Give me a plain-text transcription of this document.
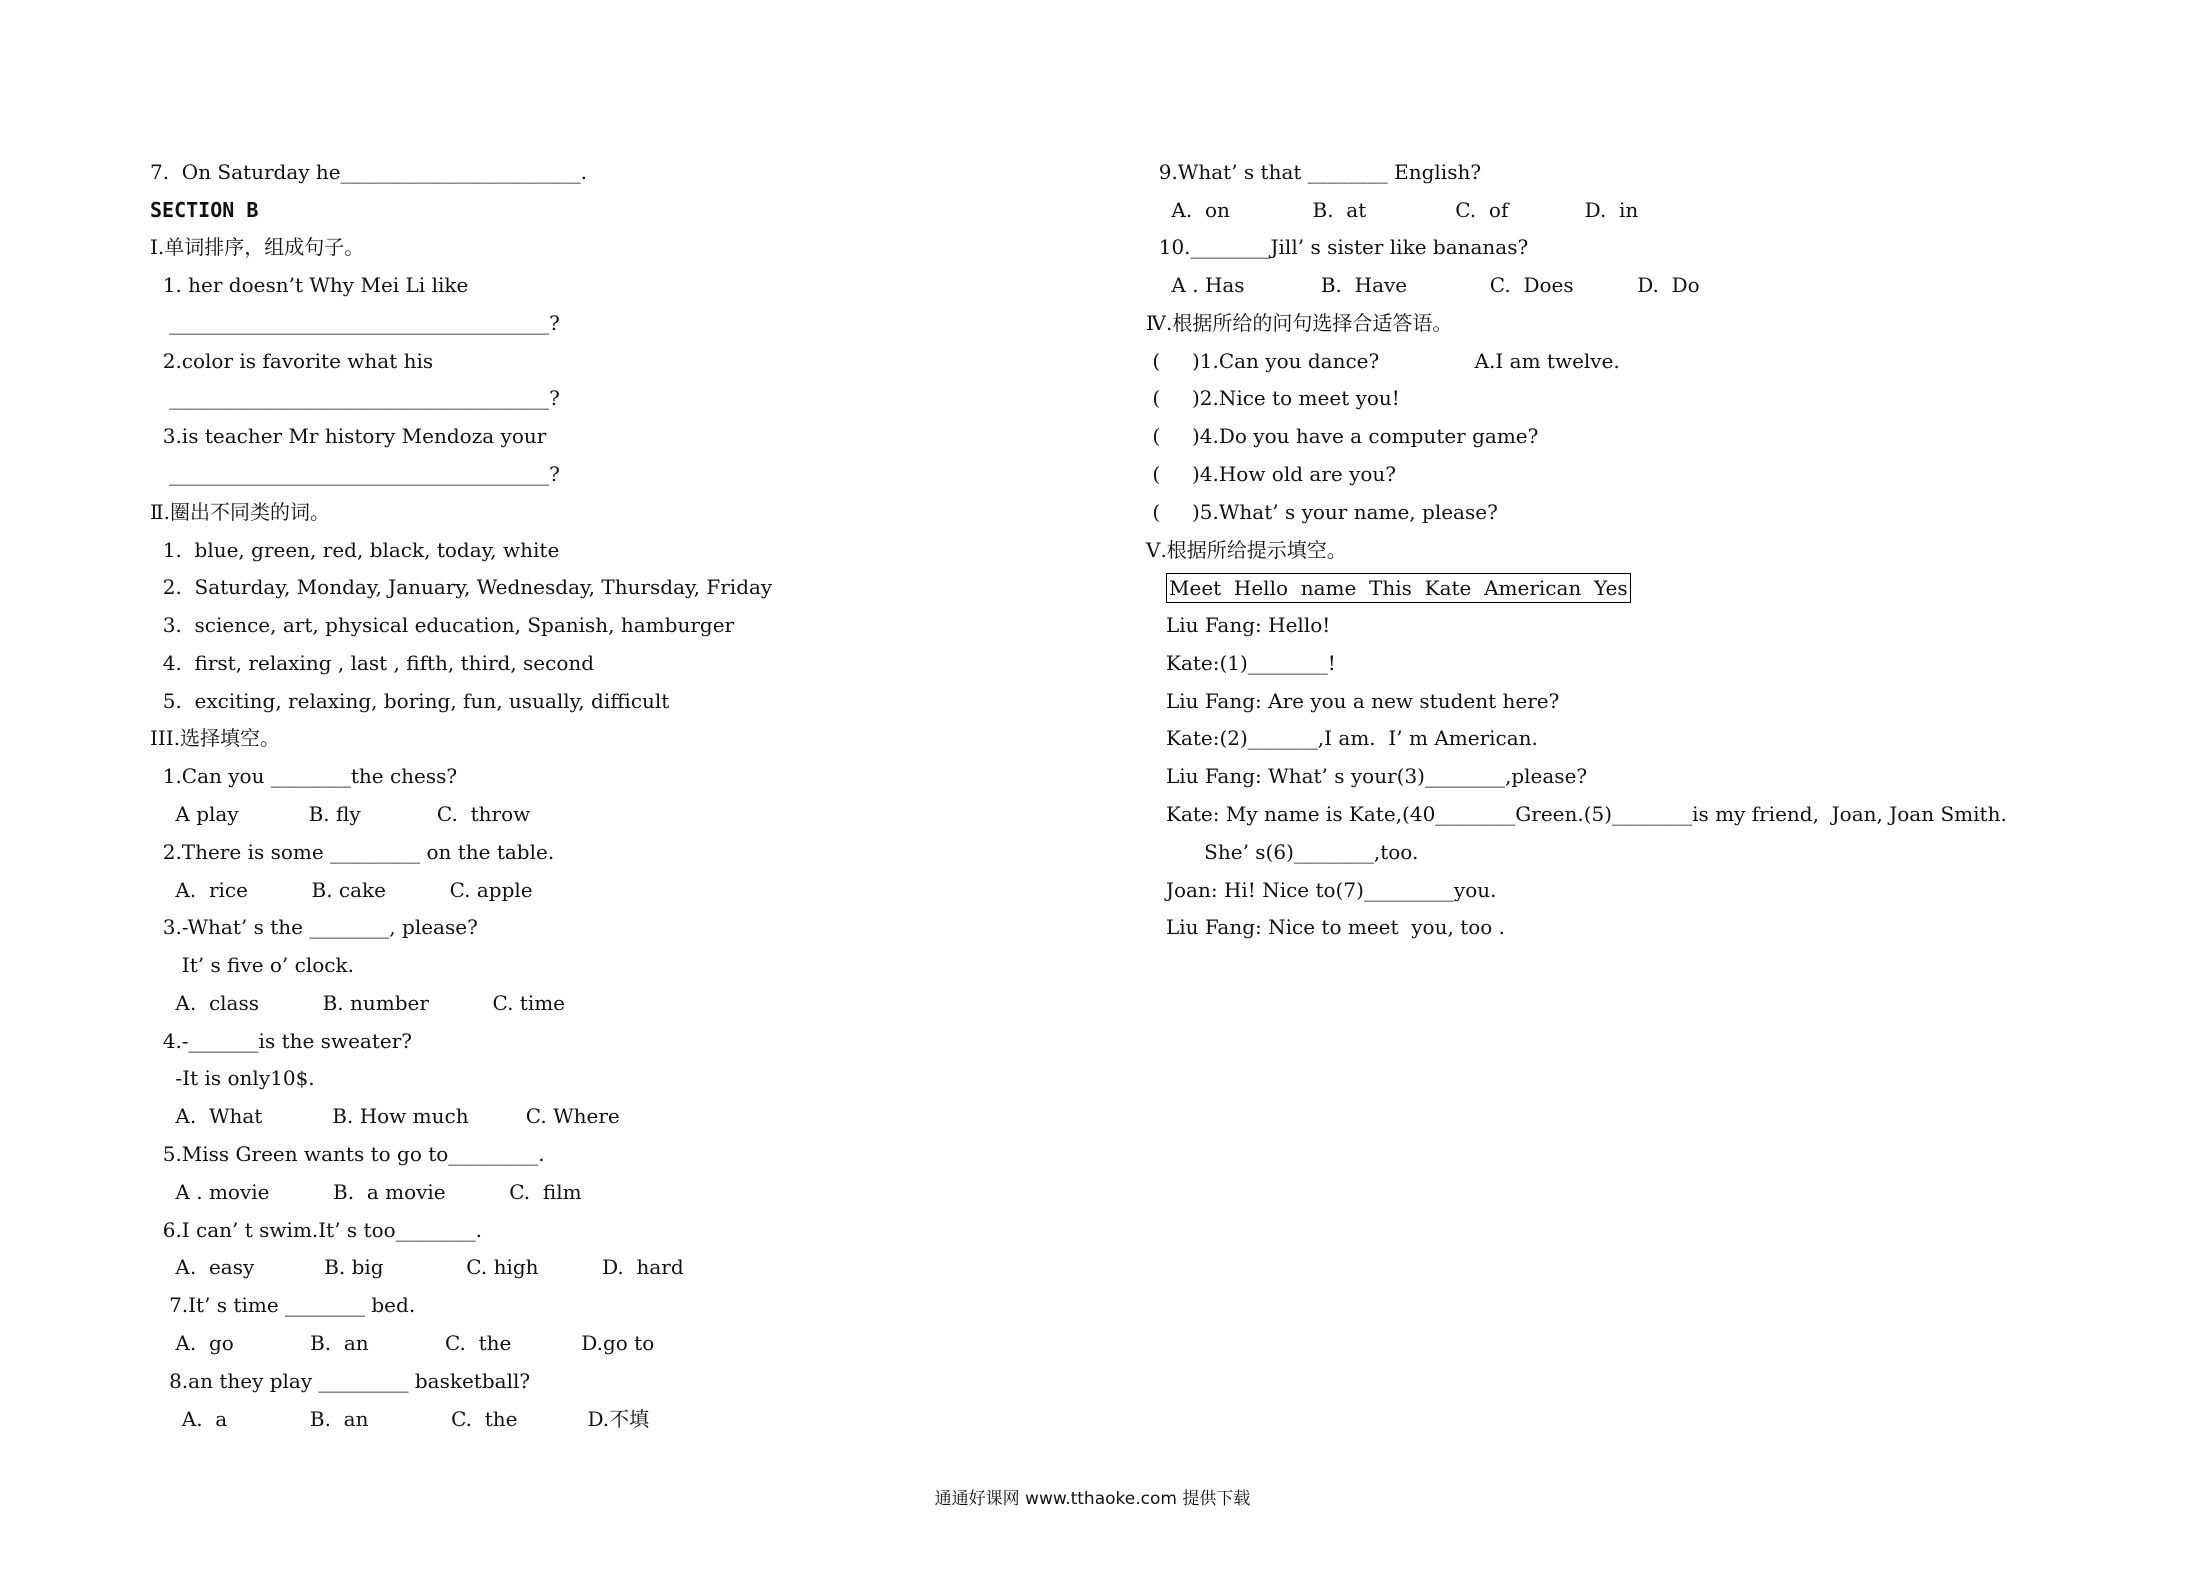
7.  On Saturday he________________________.
SECTION B
Ⅰ.单词排序，组成句子。
1. her doesn’t Why Mei Li like
______________________________________?
2.color is favorite what his
______________________________________?
3.is teacher Mr history Mendoza your
______________________________________?
Ⅱ.圈出不同类的词。
1.  blue, green, red, black, today, white
2.  Saturday, Monday, January, Wednesday, Thursday, Friday
3.  science, art, physical education, Spanish, hamburger
4.  first, relaxing , last , fifth, third, second
5.  exciting, relaxing, boring, fun, usually, difficult
III.选择填空。
1.Can you ________the chess?
A play           B. fly            C.  throw
2.There is some _________ on the table.
A.  rice          B. cake          C. apple
3.-What’ s the ________, please?
It’ s five o’ clock.
A.  class          B. number          C. time
4.-_______is the sweater?
-It is only10$.
A.  What           B. How much         C. Where
5.Miss Green wants to go to_________.
A . movie          B.  a movie          C.  film
6.I can’ t swim.It’ s too________.
A.  easy           B. big             C. high          D.  hard
7.It’ s time ________ bed.
A.  go            B.  an            C.  the           D.go to
8.an they play _________ basketball?
A.  a             B.  an             C.  the           D.不填
9.What’ s that ________ English?
A.  on             B.  at              C.  of            D.  in
10.________Jill’ s sister like bananas?
A . Has            B.  Have             C.  Does          D.  Do
Ⅳ.根据所给的问句选择合适答语。
(     )1.Can you dance?               A.I am twelve.
(     )2.Nice to meet you!
(     )4.Do you have a computer game?
(     )4.How old are you?
(     )5.What’ s your name, please?
Ⅴ.根据所给提示填空。
Meet  Hello  name  This  Kate  American  Yes
Liu Fang: Hello!
Kate:(1)________!
Liu Fang: Are you a new student here?
Kate:(2)_______,I am.  I’ m American.
Liu Fang: What’ s your(3)________,please?
Kate: My name is Kate,(40________Green.(5)________is my friend,  Joan, Joan Smith.
She’ s(6)________,too.
Joan: Hi! Nice to(7)_________you.
Liu Fang: Nice to meet  you, too .
通通好课网 www.tthaoke.com 提供下载
